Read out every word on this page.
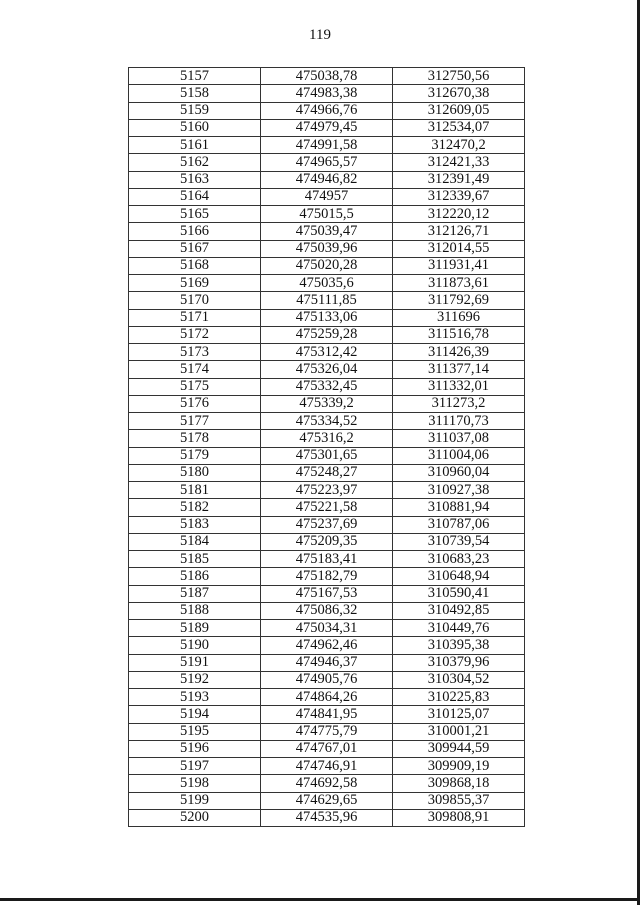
119
5157	475038,78	312750,56
5158	474983,38	312670,38
5159	474966,76	312609,05
5160	474979,45	312534,07
5161	474991,58	312470,2
5162	474965,57	312421,33
5163	474946,82	312391,49
5164	474957	312339,67
5165	475015,5	312220,12
5166	475039,47	312126,71
5167	475039,96	312014,55
5168	475020,28	311931,41
5169	475035,6	311873,61
5170	475111,85	311792,69
5171	475133,06	311696
5172	475259,28	311516,78
5173	475312,42	311426,39
5174	475326,04	311377,14
5175	475332,45	311332,01
5176	475339,2	311273,2
5177	475334,52	311170,73
5178	475316,2	311037,08
5179	475301,65	311004,06
5180	475248,27	310960,04
5181	475223,97	310927,38
5182	475221,58	310881,94
5183	475237,69	310787,06
5184	475209,35	310739,54
5185	475183,41	310683,23
5186	475182,79	310648,94
5187	475167,53	310590,41
5188	475086,32	310492,85
5189	475034,31	310449,76
5190	474962,46	310395,38
5191	474946,37	310379,96
5192	474905,76	310304,52
5193	474864,26	310225,83
5194	474841,95	310125,07
5195	474775,79	310001,21
5196	474767,01	309944,59
5197	474746,91	309909,19
5198	474692,58	309868,18
5199	474629,65	309855,37
5200	474535,96	309808,91
